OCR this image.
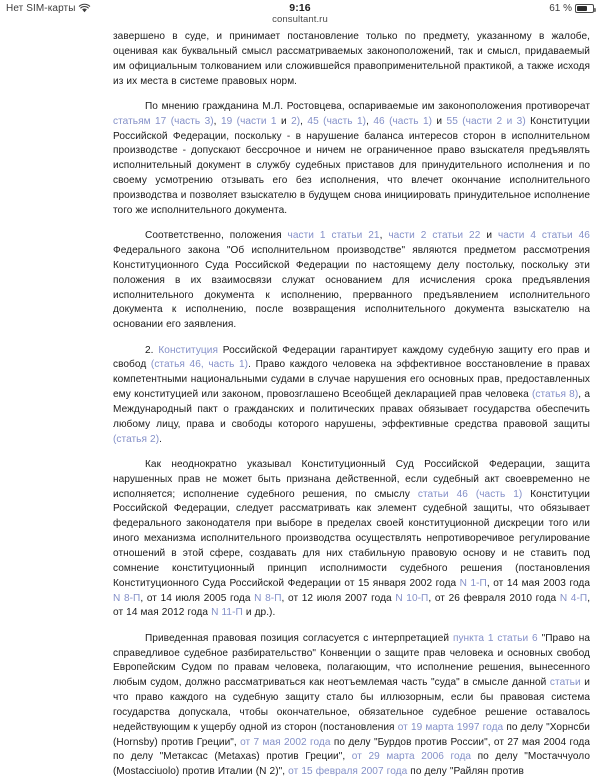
Нет SIM-карты	9:16
consultant.ru
61 %

завершено в суде, и принимает постановление только по предмету, указанному в жалобе, оценивая как буквальный смысл рассматриваемых законоположений, так и смысл, придаваемый им официальным толкованием или сложившейся правоприменительной практикой, а также исходя из их места в системе правовых норм.

По мнению гражданина М.Л. Ростовцева, оспариваемые им законоположения противоречат статьям 17 (часть 3), 19 (части 1 и 2), 45 (часть 1), 46 (часть 1) и 55 (части 2 и 3) Конституции Российской Федерации, поскольку - в нарушение баланса интересов сторон в исполнительном производстве - допускают бессрочное и ничем не ограниченное право взыскателя предъявлять исполнительный документ в службу судебных приставов для принудительного исполнения и по своему усмотрению отзывать его без исполнения, что влечет окончание исполнительного производства и позволяет взыскателю в будущем снова инициировать принудительное исполнение того же исполнительного документа.

Соответственно, положения части 1 статьи 21, части 2 статьи 22 и части 4 статьи 46 Федерального закона "Об исполнительном производстве" являются предметом рассмотрения Конституционного Суда Российской Федерации по настоящему делу постольку, поскольку эти положения в их взаимосвязи служат основанием для исчисления срока предъявления исполнительного документа к исполнению, прерванного предъявлением исполнительного документа к исполнению, после возвращения исполнительного документа взыскателю на основании его заявления.

2. Конституция Российской Федерации гарантирует каждому судебную защиту его прав и свобод (статья 46, часть 1). Право каждого человека на эффективное восстановление в правах компетентными национальными судами в случае нарушения его основных прав, предоставленных ему конституцией или законом, провозглашено Всеобщей декларацией прав человека (статья 8), а Международный пакт о гражданских и политических правах обязывает государства обеспечить любому лицу, права и свободы которого нарушены, эффективные средства правовой защиты (статья 2).

Как неоднократно указывал Конституционный Суд Российской Федерации, защита нарушенных прав не может быть признана действенной, если судебный акт своевременно не исполняется; исполнение судебного решения, по смыслу статьи 46 (часть 1) Конституции Российской Федерации, следует рассматривать как элемент судебной защиты, что обязывает федерального законодателя при выборе в пределах своей конституционной дискреции того или иного механизма исполнительного производства осуществлять непротиворечивое регулирование отношений в этой сфере, создавать для них стабильную правовую основу и не ставить под сомнение конституционный принцип исполнимости судебного решения (постановления Конституционного Суда Российской Федерации от 15 января 2002 года N 1-П, от 14 мая 2003 года N 8-П, от 14 июля 2005 года N 8-П, от 12 июля 2007 года N 10-П, от 26 февраля 2010 года N 4-П, от 14 мая 2012 года N 11-П и др.).

Приведенная правовая позиция согласуется с интерпретацией пункта 1 статьи 6 "Право на справедливое судебное разбирательство" Конвенции о защите прав человека и основных свобод Европейским Судом по правам человека, полагающим, что исполнение решения, вынесенного любым судом, должно рассматриваться как неотъемлемая часть "суда" в смысле данной статьи и что право каждого на судебную защиту стало бы иллюзорным, если бы правовая система государства допускала, чтобы окончательное, обязательное судебное решение оставалось недействующим к ущербу одной из сторон (постановления от 19 марта 1997 года по делу "Хорнсби (Hornsby) против Греции", от 7 мая 2002 года по делу "Бурдов против России", от 27 мая 2004 года по делу "Метаксас (Metaxas) против Греции", от 29 марта 2006 года по делу "Мостаччуоло (Mostacciuolo) против Италии (N 2)", от 15 февраля 2007 года по делу "Райлян против
